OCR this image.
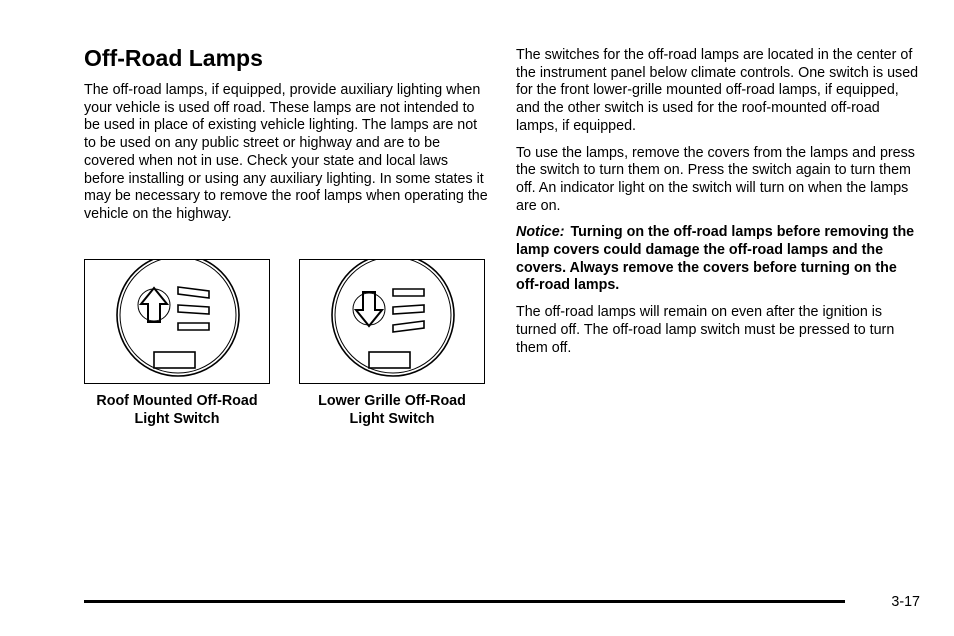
Off-Road Lamps

The off-road lamps, if equipped, provide auxiliary lighting when your vehicle is used off road. These lamps are not intended to be used in place of existing vehicle lighting. The lamps are not to be used on any public street or highway and are to be covered when not in use. Check your state and local laws before installing or using any auxiliary lighting. In some states it may be necessary to remove the roof lamps when operating the vehicle on the highway.

Roof Mounted Off-Road
Light Switch
Lower Grille Off-Road
Light Switch

The switches for the off-road lamps are located in the center of the instrument panel below climate controls. One switch is used for the front lower-grille mounted off-road lamps, if equipped, and the other switch is used for the roof-mounted off-road lamps, if equipped.

To use the lamps, remove the covers from the lamps and press the switch to turn them on. Press the switch again to turn them off. An indicator light on the switch will turn on when the lamps are on.

Notice: Turning on the off-road lamps before removing the lamp covers could damage the off-road lamps and the covers. Always remove the covers before turning on the off-road lamps.

The off-road lamps will remain on even after the ignition is turned off. The off-road lamp switch must be pressed to turn them off.

3-17
